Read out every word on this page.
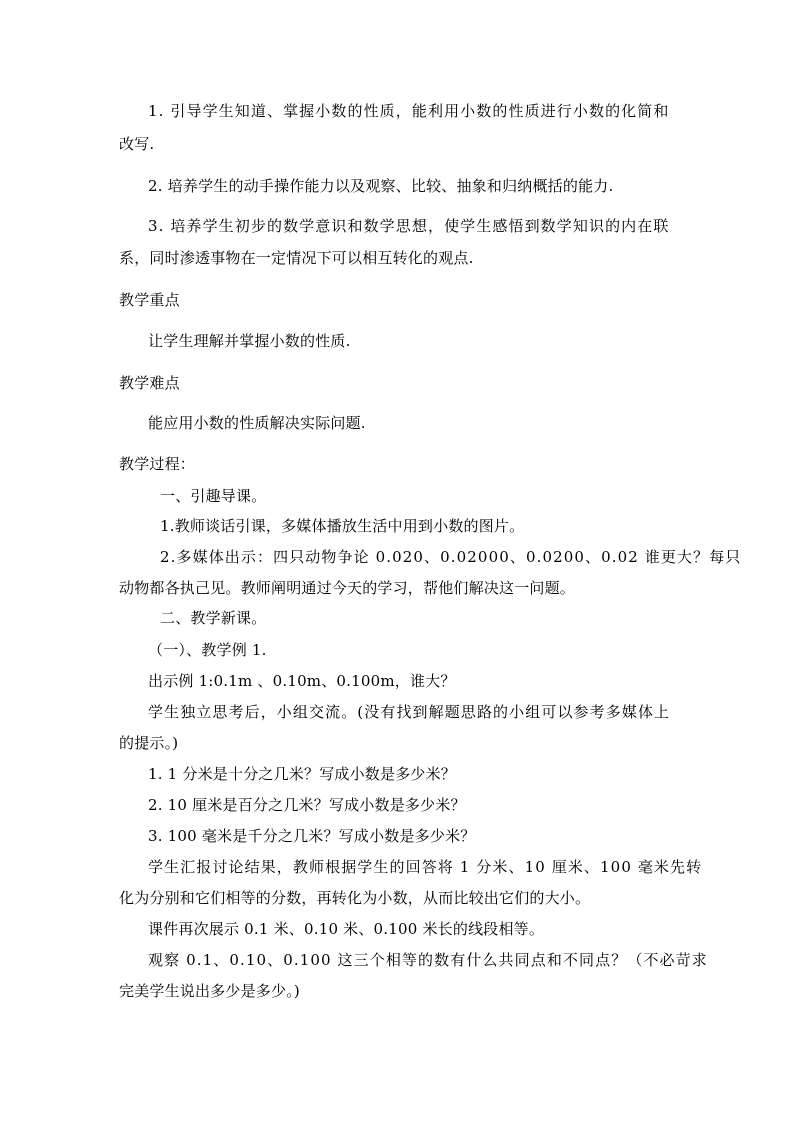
1. 引导学生知道、掌握小数的性质，能利用小数的性质进行小数的化简和
改写.
2. 培养学生的动手操作能力以及观察、比较、抽象和归纳概括的能力.
3. 培养学生初步的数学意识和数学思想，使学生感悟到数学知识的内在联
系，同时渗透事物在一定情况下可以相互转化的观点.
教学重点
让学生理解并掌握小数的性质.
教学难点
能应用小数的性质解决实际问题.
教学过程：
一、引趣导课。
1.教师谈话引课，多媒体播放生活中用到小数的图片。
2.多媒体出示：四只动物争论 0.020、0.02000、0.0200、0.02 谁更大？每只
动物都各执己见。教师阐明通过今天的学习，帮他们解决这一问题。
二、教学新课。
（一）、教学例 1.
出示例 1:0.1m 、0.10m、0.100m，谁大？
学生独立思考后，小组交流。(没有找到解题思路的小组可以参考多媒体上
的提示。)
1. 1 分米是十分之几米？写成小数是多少米？
2. 10 厘米是百分之几米？写成小数是多少米？
3. 100 毫米是千分之几米？写成小数是多少米？
学生汇报讨论结果，教师根据学生的回答将 1 分米、10 厘米、100 毫米先转
化为分别和它们相等的分数，再转化为小数，从而比较出它们的大小。
课件再次展示 0.1 米、0.10 米、0.100 米长的线段相等。
观察 0.1、0.10、0.100 这三个相等的数有什么共同点和不同点？（不必苛求
完美学生说出多少是多少。)
